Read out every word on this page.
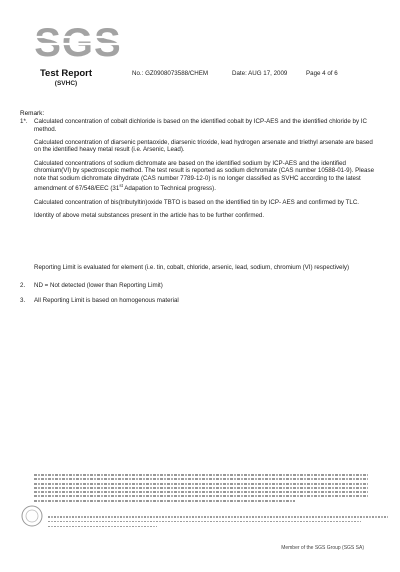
SGS
Test Report
(SVHC)
No.: GZ0908073588/CHEM	Date: AUG 17, 2009	Page 4 of 6
Remark:
1*.	Calculated concentration of cobalt dichloride is based on the identified cobalt by ICP-AES and the identified chloride by IC method.

Calculated concentration of diarsenic pentaoxide, diarsenic trioxide, lead hydrogen arsenate and triethyl arsenate are based on the identified heavy metal result (i.e. Arsenic, Lead).

Calculated concentrations of sodium dichromate are based on the identified sodium by ICP-AES and the identified chromium(VI) by spectroscopic method. The test result is reported as sodium dichromate (CAS number 10588-01-9). Please note that sodium dichromate dihydrate (CAS number 7789-12-0) is no longer classified as SVHC according to the latest amendment of 67/548/EEC (31st Adapation to Technical progress).

Calculated concentration of bis(tributyltin)oxide TBTO is based on the identified tin by ICP- AES and confirmed by TLC.

Identity of above metal substances present in the article has to be further confirmed.

Reporting Limit is evaluated for element (i.e. tin, cobalt, chloride, arsenic, lead, sodium, chromium (VI) respectively)
2.	ND = Not detected (lower than Reporting Limit)
3.	All Reporting Limit is based on homogenous material
Member of the SGS Group (SGS SA)
